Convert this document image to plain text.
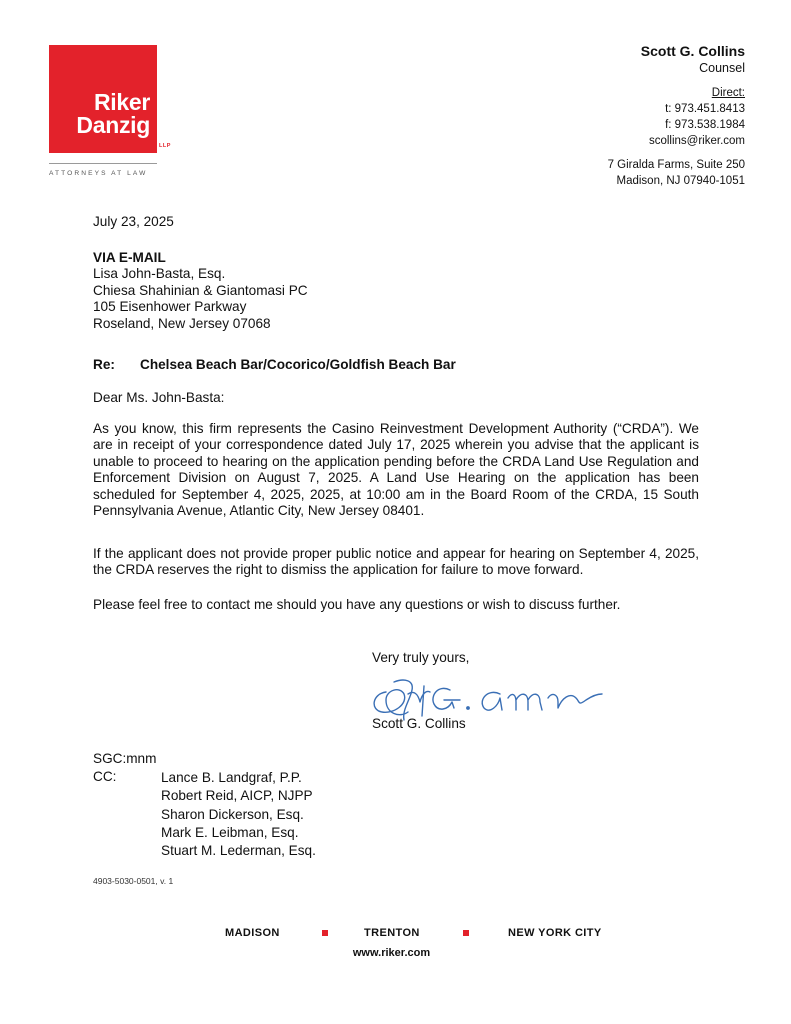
Riker
Danzig
LLP
ATTORNEYS AT LAW
Scott G. Collins
Counsel
Direct:
t: 973.451.8413
f: 973.538.1984
scollins@riker.com
7 Giralda Farms, Suite 250
Madison, NJ 07940-1051
July 23, 2025
VIA E-MAIL
Lisa John-Basta, Esq.
Chiesa Shahinian & Giantomasi PC
105 Eisenhower Parkway
Roseland, New Jersey 07068
Re: Chelsea Beach Bar/Cocorico/Goldfish Beach Bar
Dear Ms. John-Basta:
As you know, this firm represents the Casino Reinvestment Development Authority (“CRDA”). We are in receipt of your correspondence dated July 17, 2025 wherein you advise that the applicant is unable to proceed to hearing on the application pending before the CRDA Land Use Regulation and Enforcement Division on August 7, 2025. A Land Use Hearing on the application has been scheduled for September 4, 2025, 2025, at 10:00 am in the Board Room of the CRDA, 15 South Pennsylvania Avenue, Atlantic City, New Jersey 08401.
If the applicant does not provide proper public notice and appear for hearing on September 4, 2025, the CRDA reserves the right to dismiss the application for failure to move forward.
Please feel free to contact me should you have any questions or wish to discuss further.
Very truly yours,
Scott G. Collins
SGC:mnm
CC:	Lance B. Landgraf, P.P.
Robert Reid, AICP, NJPP
Sharon Dickerson, Esq.
Mark E. Leibman, Esq.
Stuart M. Lederman, Esq.
4903-5030-0501, v. 1
MADISON	TRENTON	NEW YORK CITY
www.riker.com
